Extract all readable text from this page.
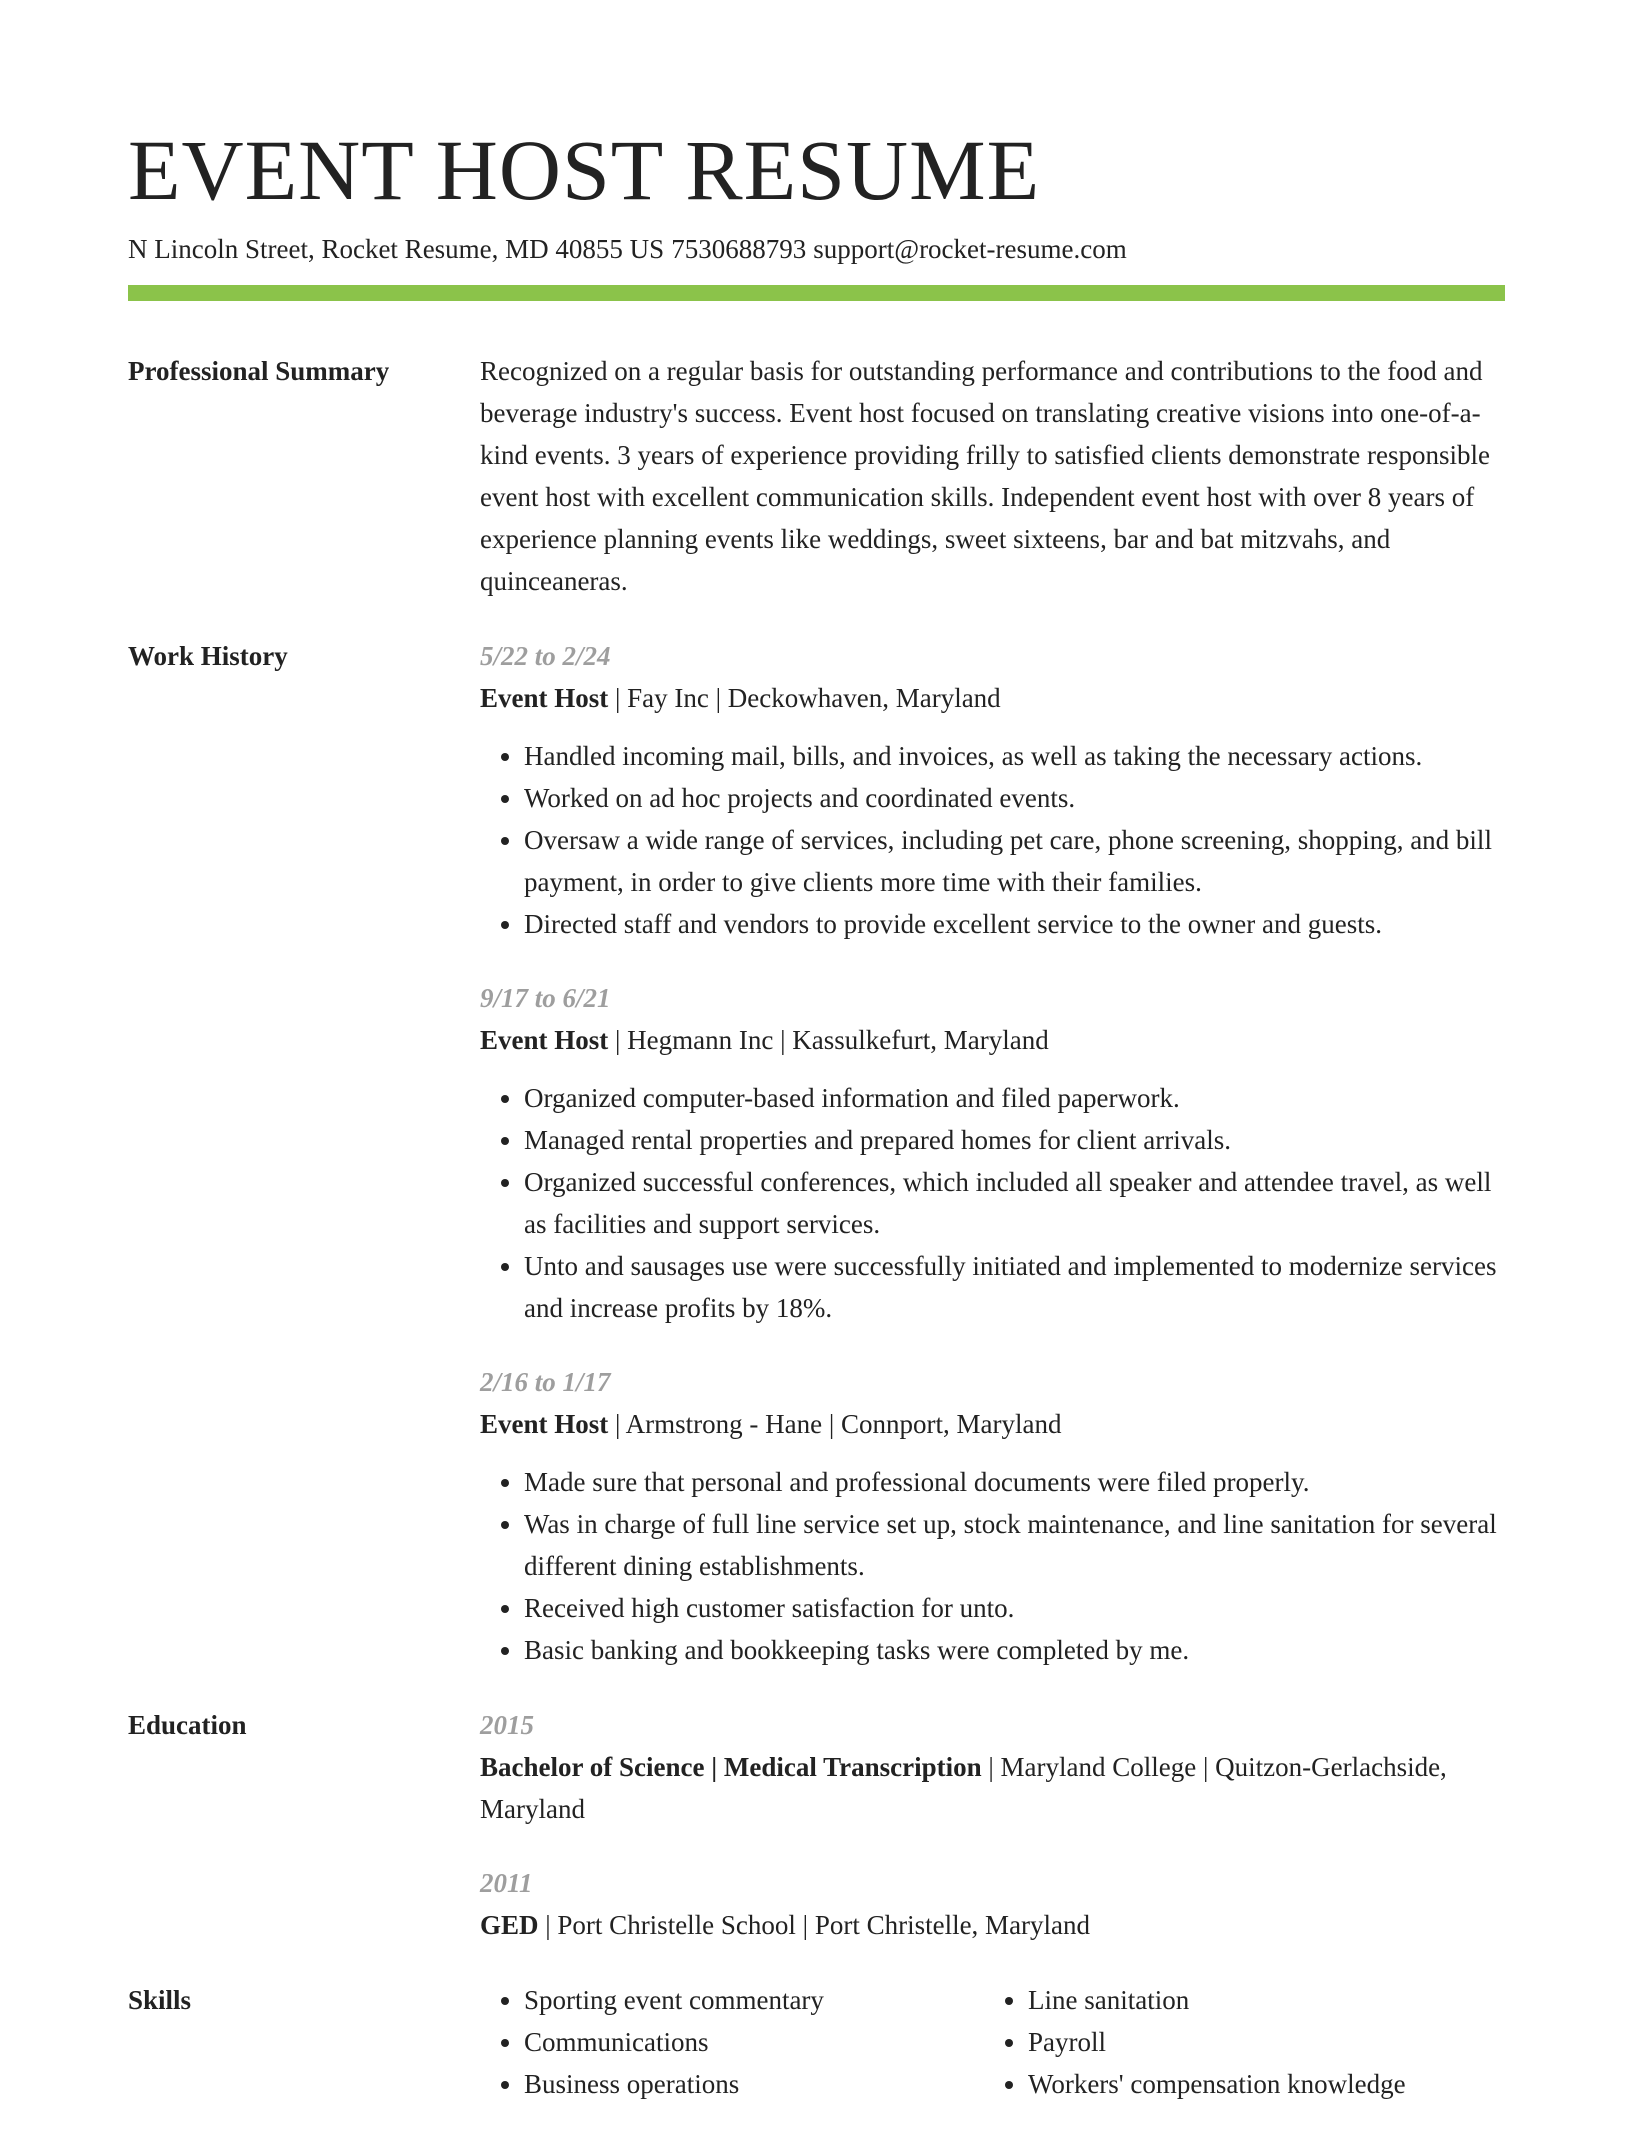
EVENT HOST RESUME
N Lincoln Street, Rocket Resume, MD 40855 US 7530688793 support@rocket-resume.com
Professional Summary	Recognized on a regular basis for outstanding performance and contributions to the food and beverage industry's success. Event host focused on translating creative visions into one-of-a-kind events. 3 years of experience providing frilly to satisfied clients demonstrate responsible event host with excellent communication skills. Independent event host with over 8 years of experience planning events like weddings, sweet sixteens, bar and bat mitzvahs, and quinceaneras.

Work History	5/22 to 2/24
Event Host | Fay Inc | Deckowhaven, Maryland
• Handled incoming mail, bills, and invoices, as well as taking the necessary actions.
• Worked on ad hoc projects and coordinated events.
• Oversaw a wide range of services, including pet care, phone screening, shopping, and bill payment, in order to give clients more time with their families.
• Directed staff and vendors to provide excellent service to the owner and guests.
9/17 to 6/21
Event Host | Hegmann Inc | Kassulkefurt, Maryland
• Organized computer-based information and filed paperwork.
• Managed rental properties and prepared homes for client arrivals.
• Organized successful conferences, which included all speaker and attendee travel, as well as facilities and support services.
• Unto and sausages use were successfully initiated and implemented to modernize services and increase profits by 18%.
2/16 to 1/17
Event Host | Armstrong - Hane | Connport, Maryland
• Made sure that personal and professional documents were filed properly.
• Was in charge of full line service set up, stock maintenance, and line sanitation for several different dining establishments.
• Received high customer satisfaction for unto.
• Basic banking and bookkeeping tasks were completed by me.
Education	2015
Bachelor of Science | Medical Transcription | Maryland College | Quitzon-Gerlachside, Maryland
2011
GED | Port Christelle School | Port Christelle, Maryland
Skills
•	Sporting event commentary
• Communications
• Business operations
• Line sanitation
• Payroll
• Workers' compensation knowledge
